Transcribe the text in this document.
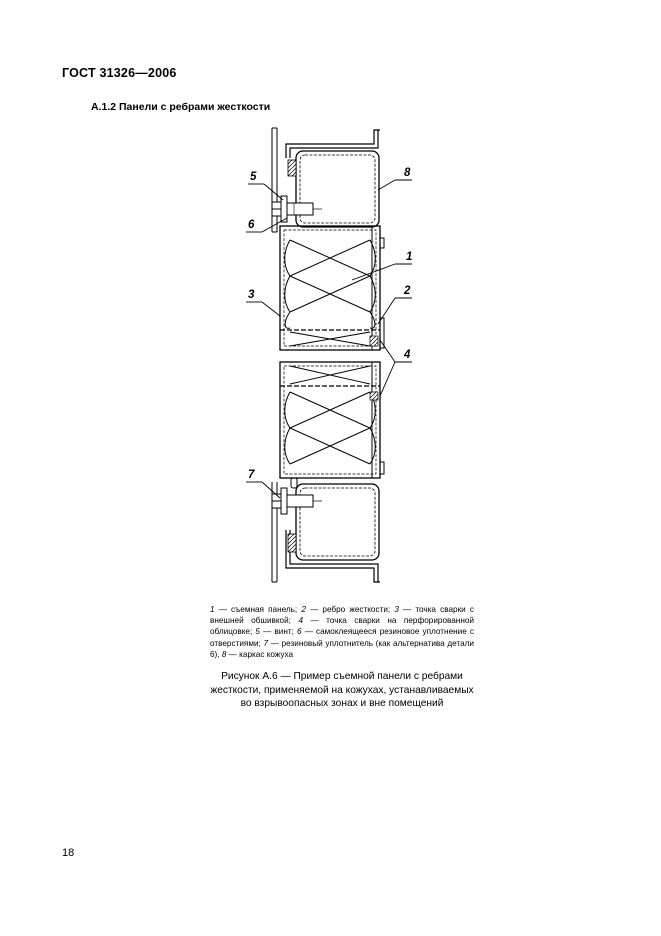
ГОСТ 31326—2006
А.1.2 Панели с ребрами жесткости
5
6
3
7
8
1
2
4
1 — съемная панель; 2 — ребро жесткости; 3 — точка сварки с внешней обшивкой; 4 — точка сварки на перфорированной облицовке; 5 — винт; 6 — самоклеящееся резиновое уплотнение с отверстиями; 7 — резиновый уплотнитель (как альтернатива детали 6), 8 — каркас кожуха
Рисунок А.6 — Пример съемной панели с ребрами жесткости, применяемой на кожухах, устанавливаемых во взрывоопасных зонах и вне помещений
18
